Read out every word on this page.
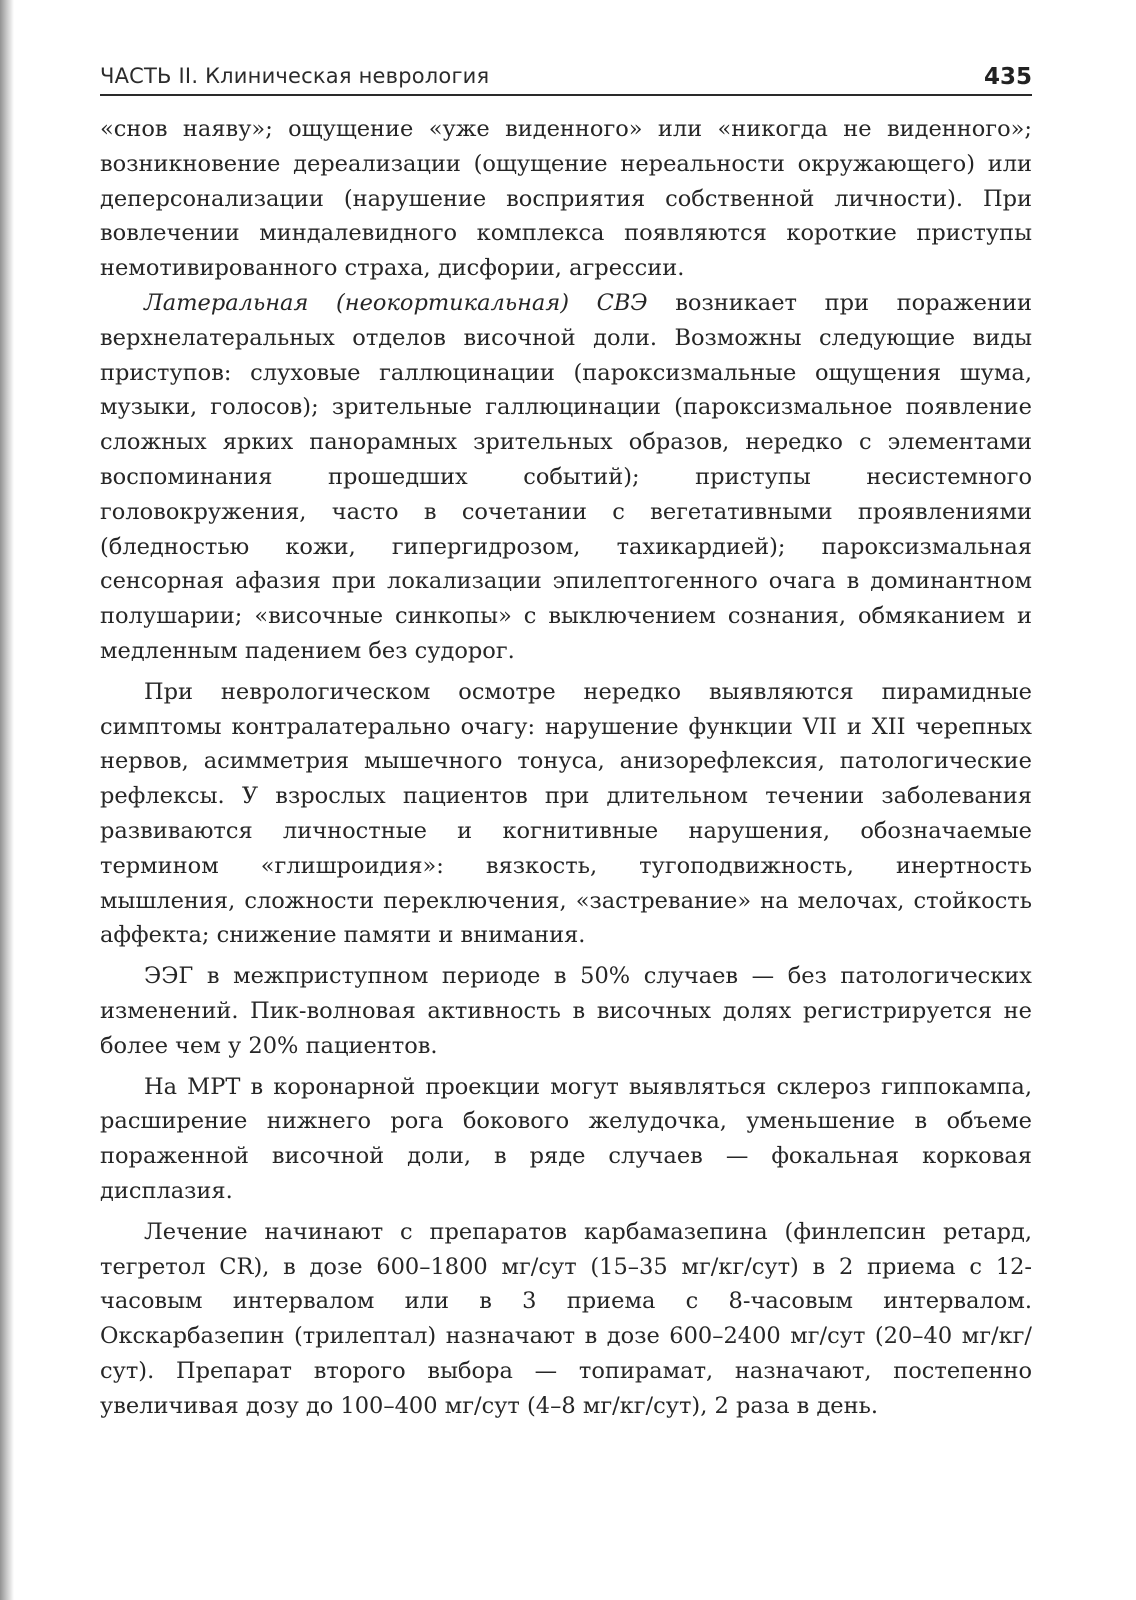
ЧАСТЬ II. Клиническая неврология	435

«снов наяву»; ощущение «уже виденного» или «никогда не виденного»; возникновение дереализации (ощущение нереальности окружающего) или деперсонализации (нарушение восприятия собственной личности). При вовлечении миндалевидного комплекса появляются короткие приступы немотивированного страха, дисфории, агрессии.

Латеральная (неокортикальная) СВЭ возникает при поражении верхнелатеральных отделов височной доли. Возможны следующие виды приступов: слуховые галлюцинации (пароксизмальные ощущения шума, музыки, голосов); зрительные галлюцинации (пароксизмальное появление сложных ярких панорамных зрительных образов, нередко с элементами воспоминания прошедших событий); приступы несистемного головокружения, часто в сочетании с вегетативными проявлениями (бледностью кожи, гипергидрозом, тахикардией); пароксизмальная сенсорная афазия при локализации эпилептогенного очага в доминантном полушарии; «височные синкопы» с выключением сознания, обмяканием и медленным падением без судорог.

При неврологическом осмотре нередко выявляются пирамидные симптомы контралатерально очагу: нарушение функции VII и XII черепных нервов, асимметрия мышечного тонуса, анизорефлексия, патологические рефлексы. У взрослых пациентов при длительном течении заболевания развиваются личностные и когнитивные нарушения, обозначаемые термином «глишроидия»: вязкость, тугоподвижность, инертность мышления, сложности переключения, «застревание» на мелочах, стойкость аффекта; снижение памяти и внимания.

ЭЭГ в межприступном периоде в 50% случаев — без патологических изменений. Пик-волновая активность в височных долях регистрируется не более чем у 20% пациентов.

На МРТ в коронарной проекции могут выявляться склероз гиппокампа, расширение нижнего рога бокового желудочка, уменьшение в объеме пораженной височной доли, в ряде случаев — фокальная корковая дисплазия.

Лечение начинают с препаратов карбамазепина (финлепсин ретард, тегретол CR), в дозе 600–1800 мг/сут (15–35 мг/кг/сут) в 2 приема с 12-часовым интервалом или в 3 приема с 8-часовым интервалом. Окскарбазепин (трилептал) назначают в дозе 600–2400 мг/сут (20–40 мг/кг/сут). Препарат второго выбора — топирамат, назначают, постепенно увеличивая дозу до 100–400 мг/сут (4–8 мг/кг/сут), 2 раза в день.
